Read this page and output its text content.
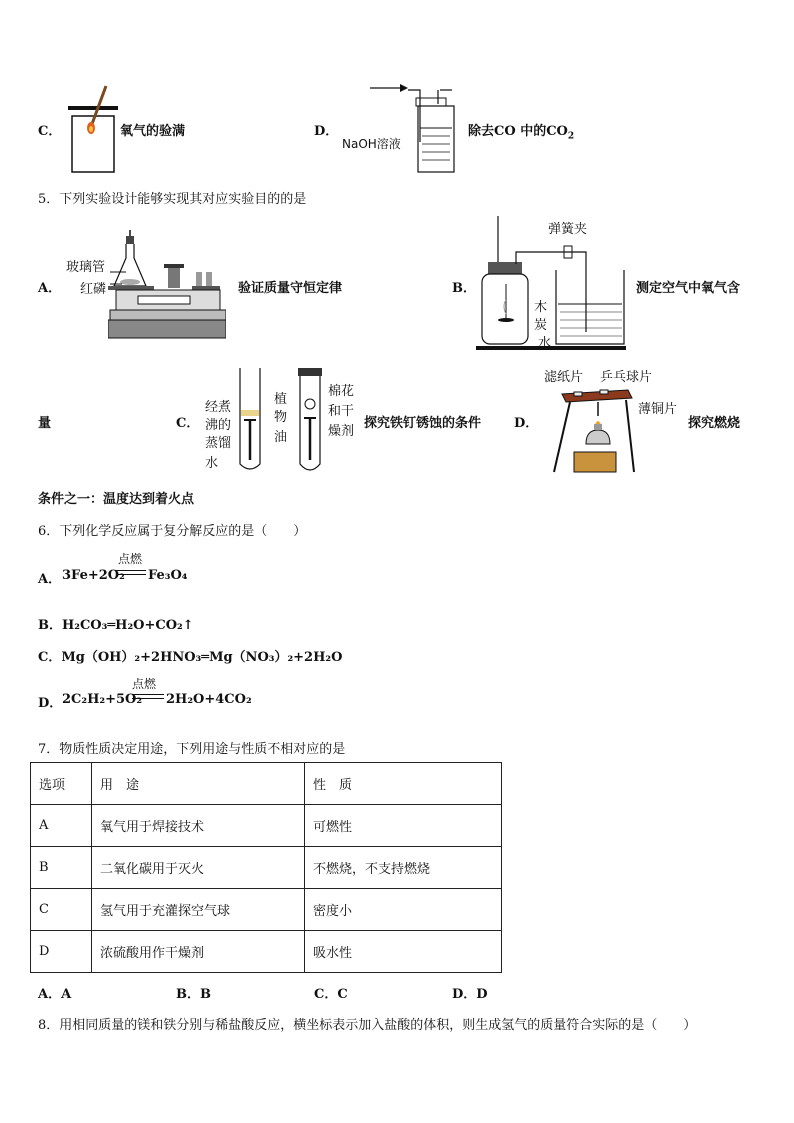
C．	氧气的验满	D．
NaOH溶液
除去CO 中的$CO_2$
5．下列实验设计能够实现其对应实验目的的是
A．
玻璃管
红磷	验证质量守恒定律	B．
弹簧夹
木
炭
水
测定空气中氧气含
量	C．
经煮
沸的
蒸馏
水
植
物
油
棉花
和干
燥剂
探究铁钉锈蚀的条件	D．
滤纸片 乒乓球片
薄铜片
探究燃烧
条件之一：温度达到着火点
6．下列化学反应属于复分解反应的是（　　）
A． 3Fe+2O₂
点燃
Fe₃O₄
B．H₂CO₃═H₂O+CO₂↑
C．Mg（OH）₂+2HNO₃═Mg（NO₃）₂+2H₂O
D． 2C₂H₂+5O₂
点燃
2H₂O+4CO₂
7．物质性质决定用途，下列用途与性质不相对应的是
选项	用　途	性　质
A	氧气用于焊接技术	可燃性
B	二氧化碳用于灭火	不燃烧，不支持燃烧
C	氢气用于充灌探空气球	密度小
D	浓硫酸用作干燥剂	吸水性
A．A	B．B	C．C	D．D
8．用相同质量的镁和铁分别与稀盐酸反应，横坐标表示加入盐酸的体积，则生成氢气的质量符合实际的是（　　）
